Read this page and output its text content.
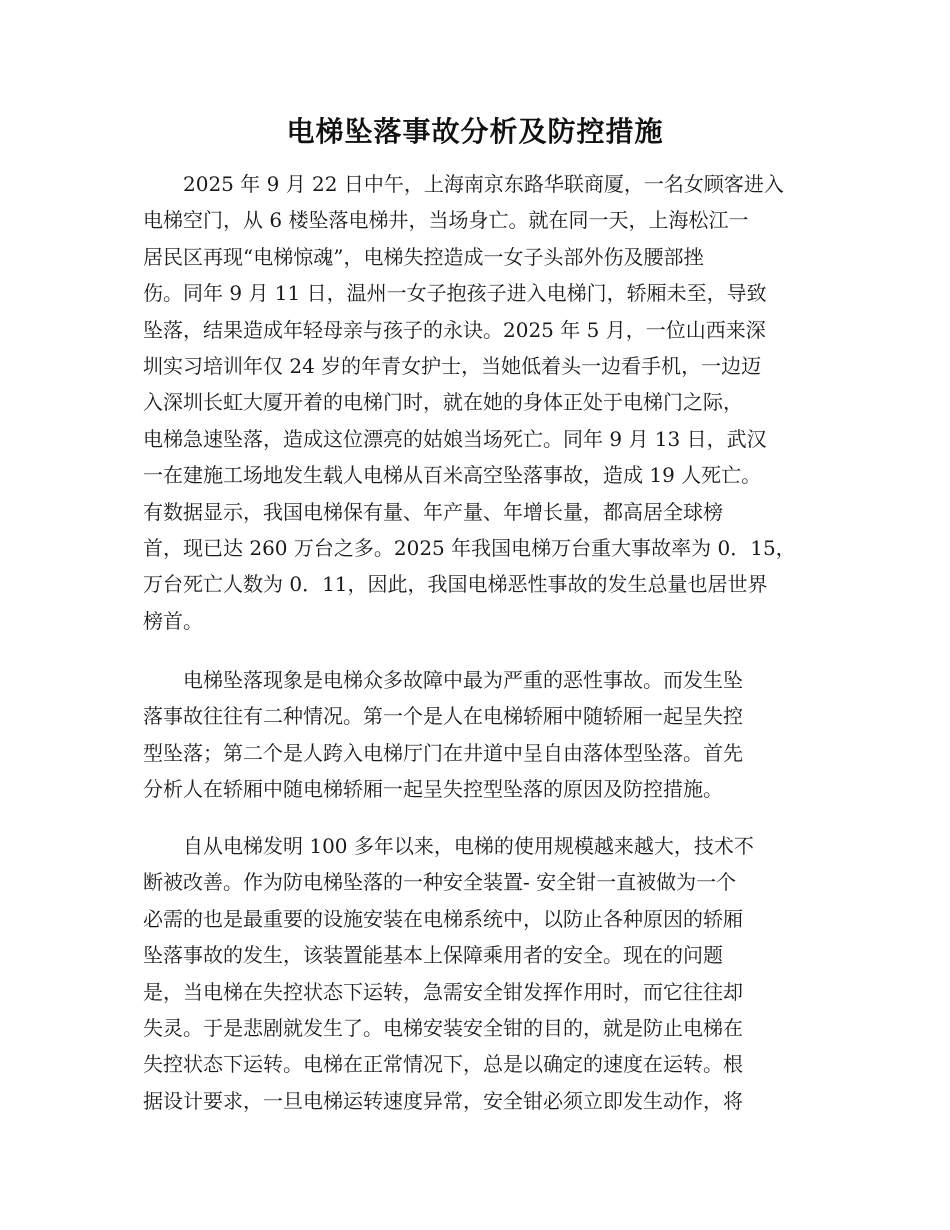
电梯坠落事故分析及防控措施
2025 年 9 月 22 日中午，上海南京东路华联商厦，一名女顾客进入
电梯空门，从 6 楼坠落电梯井，当场身亡。就在同一天，上海松江一
居民区再现“电梯惊魂”，电梯失控造成一女子头部外伤及腰部挫
伤。同年 9 月 11 日，温州一女子抱孩子进入电梯门，轿厢未至，导致
坠落，结果造成年轻母亲与孩子的永诀。2025 年 5 月，一位山西来深
圳实习培训年仅 24 岁的年青女护士，当她低着头一边看手机，一边迈
入深圳长虹大厦开着的电梯门时，就在她的身体正处于电梯门之际，
电梯急速坠落，造成这位漂亮的姑娘当场死亡。同年 9 月 13 日，武汉
一在建施工场地发生载人电梯从百米高空坠落事故，造成 19 人死亡。
有数据显示，我国电梯保有量、年产量、年增长量，都高居全球榜
首，现已达 260 万台之多。2025 年我国电梯万台重大事故率为 0．15，
万台死亡人数为 0．11，因此，我国电梯恶性事故的发生总量也居世界
榜首。
电梯坠落现象是电梯众多故障中最为严重的恶性事故。而发生坠
落事故往往有二种情况。第一个是人在电梯轿厢中随轿厢一起呈失控
型坠落；第二个是人跨入电梯厅门在井道中呈自由落体型坠落。首先
分析人在轿厢中随电梯轿厢一起呈失控型坠落的原因及防控措施。
自从电梯发明 100 多年以来，电梯的使用规模越来越大，技术不
断被改善。作为防电梯坠落的一种安全装置- 安全钳一直被做为一个
必需的也是最重要的设施安装在电梯系统中，以防止各种原因的轿厢
坠落事故的发生，该装置能基本上保障乘用者的安全。现在的问题
是，当电梯在失控状态下运转，急需安全钳发挥作用时，而它往往却
失灵。于是悲剧就发生了。电梯安装安全钳的目的，就是防止电梯在
失控状态下运转。电梯在正常情况下，总是以确定的速度在运转。根
据设计要求，一旦电梯运转速度异常，安全钳必须立即发生动作，将
